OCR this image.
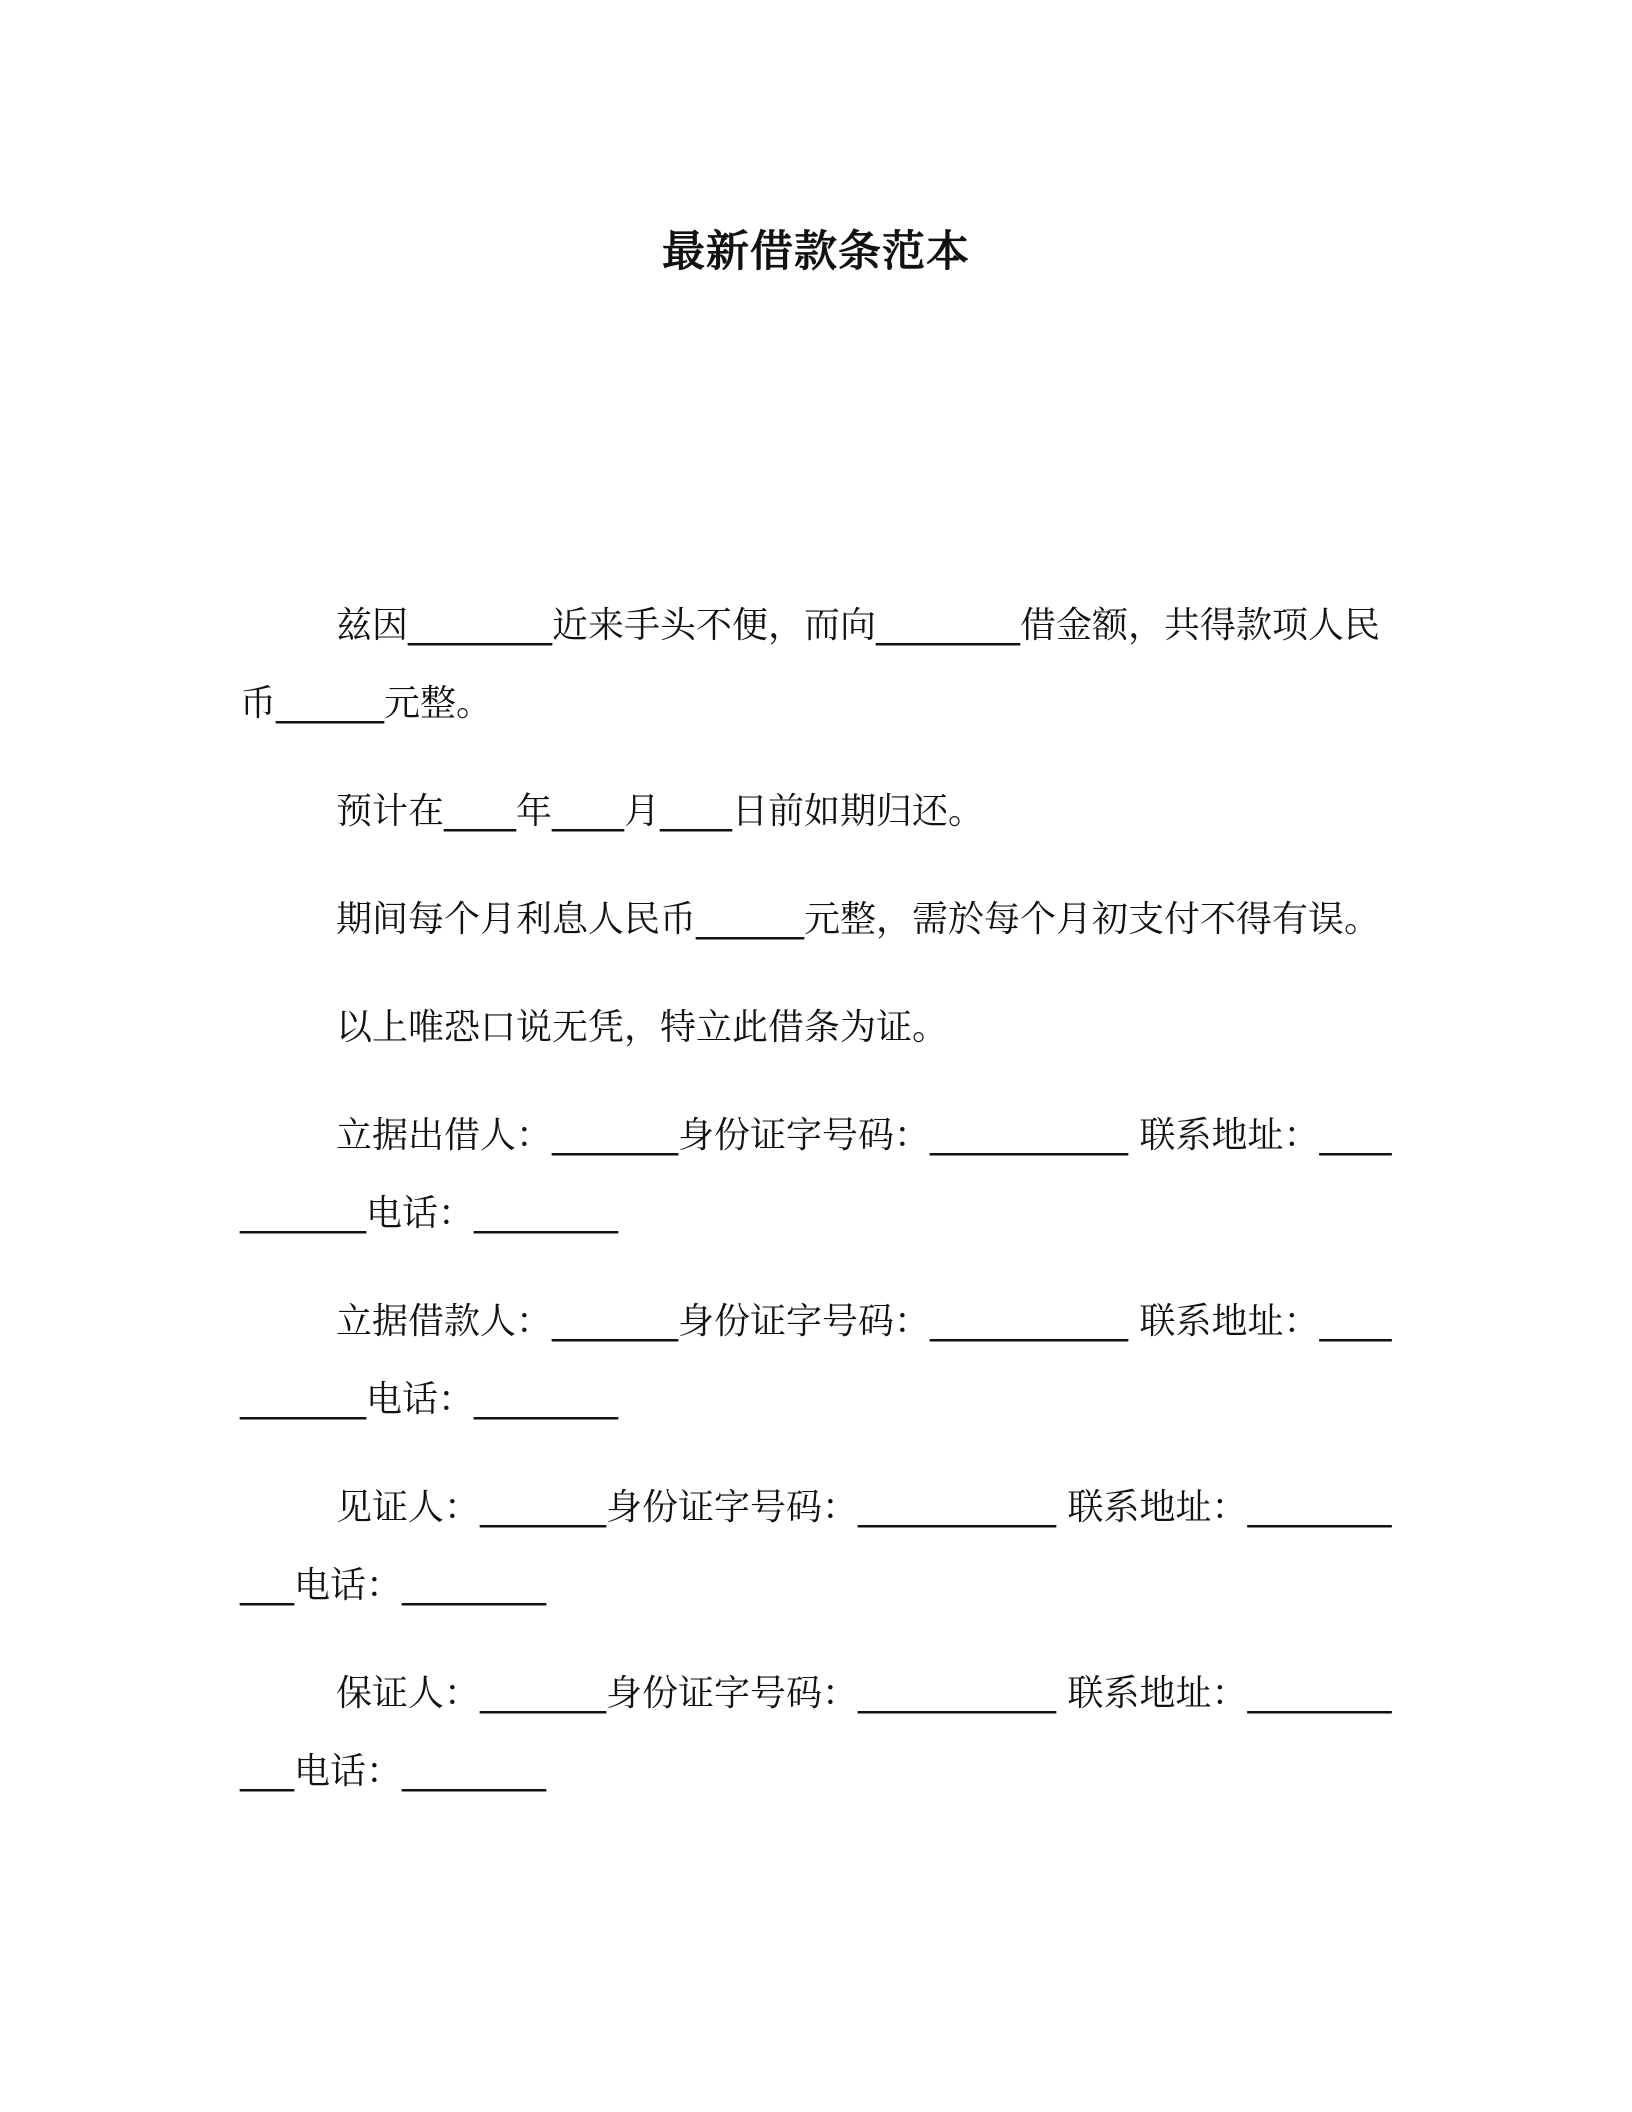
最新借款条范本

兹因________近来手头不便，而向________借金额，共得款项人民币______元整。

预计在____年____月____日前如期归还。

期间每个月利息人民币______元整，需於每个月初支付不得有误。

以上唯恐口说无凭，特立此借条为证。

立据出借人：_______身份证字号码：___________ 联系地址：___________电话：________

立据借款人：_______身份证字号码：___________ 联系地址：___________电话：________

见证人：_______身份证字号码：___________ 联系地址：___________电话：________

保证人：_______身份证字号码：___________ 联系地址：___________电话：________
